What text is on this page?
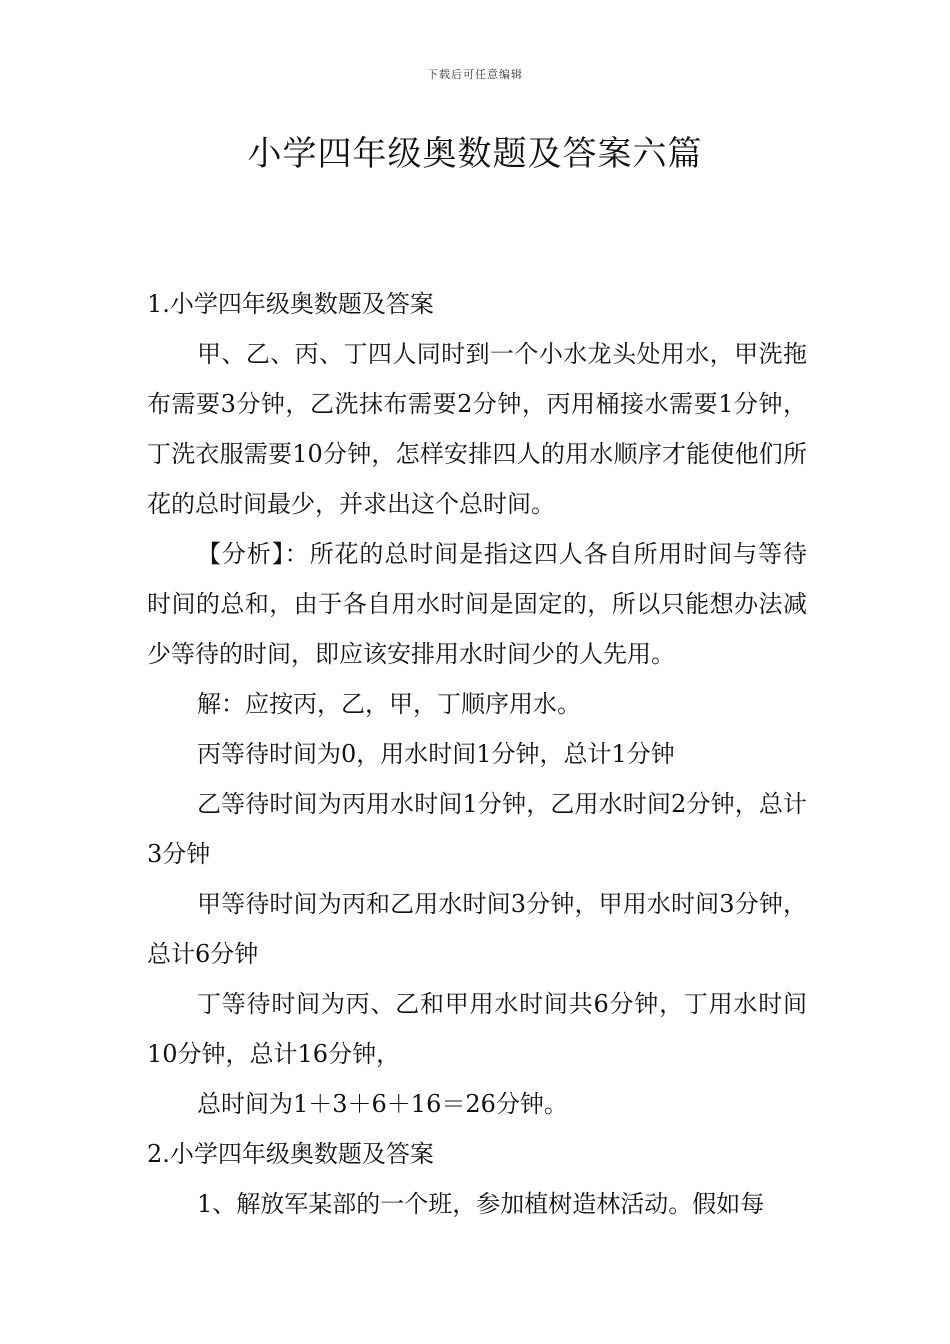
下载后可任意编辑
小学四年级奥数题及答案六篇

1.小学四年级奥数题及答案

甲、乙、丙、丁四人同时到一个小水龙头处用水，甲洗拖布需要3分钟，乙洗抹布需要2分钟，丙用桶接水需要1分钟，丁洗衣服需要10分钟，怎样安排四人的用水顺序才能使他们所花的总时间最少，并求出这个总时间。

【分析】：所花的总时间是指这四人各自所用时间与等待时间的总和，由于各自用水时间是固定的，所以只能想办法减少等待的时间，即应该安排用水时间少的人先用。

解：应按丙，乙，甲，丁顺序用水。

丙等待时间为0，用水时间1分钟，总计1分钟

乙等待时间为丙用水时间1分钟，乙用水时间2分钟，总计3分钟

甲等待时间为丙和乙用水时间3分钟，甲用水时间3分钟，总计6分钟

丁等待时间为丙、乙和甲用水时间共6分钟，丁用水时间10分钟，总计16分钟，

总时间为1＋3＋6＋16＝26分钟。

2.小学四年级奥数题及答案

1、解放军某部的一个班，参加植树造林活动。假如每
